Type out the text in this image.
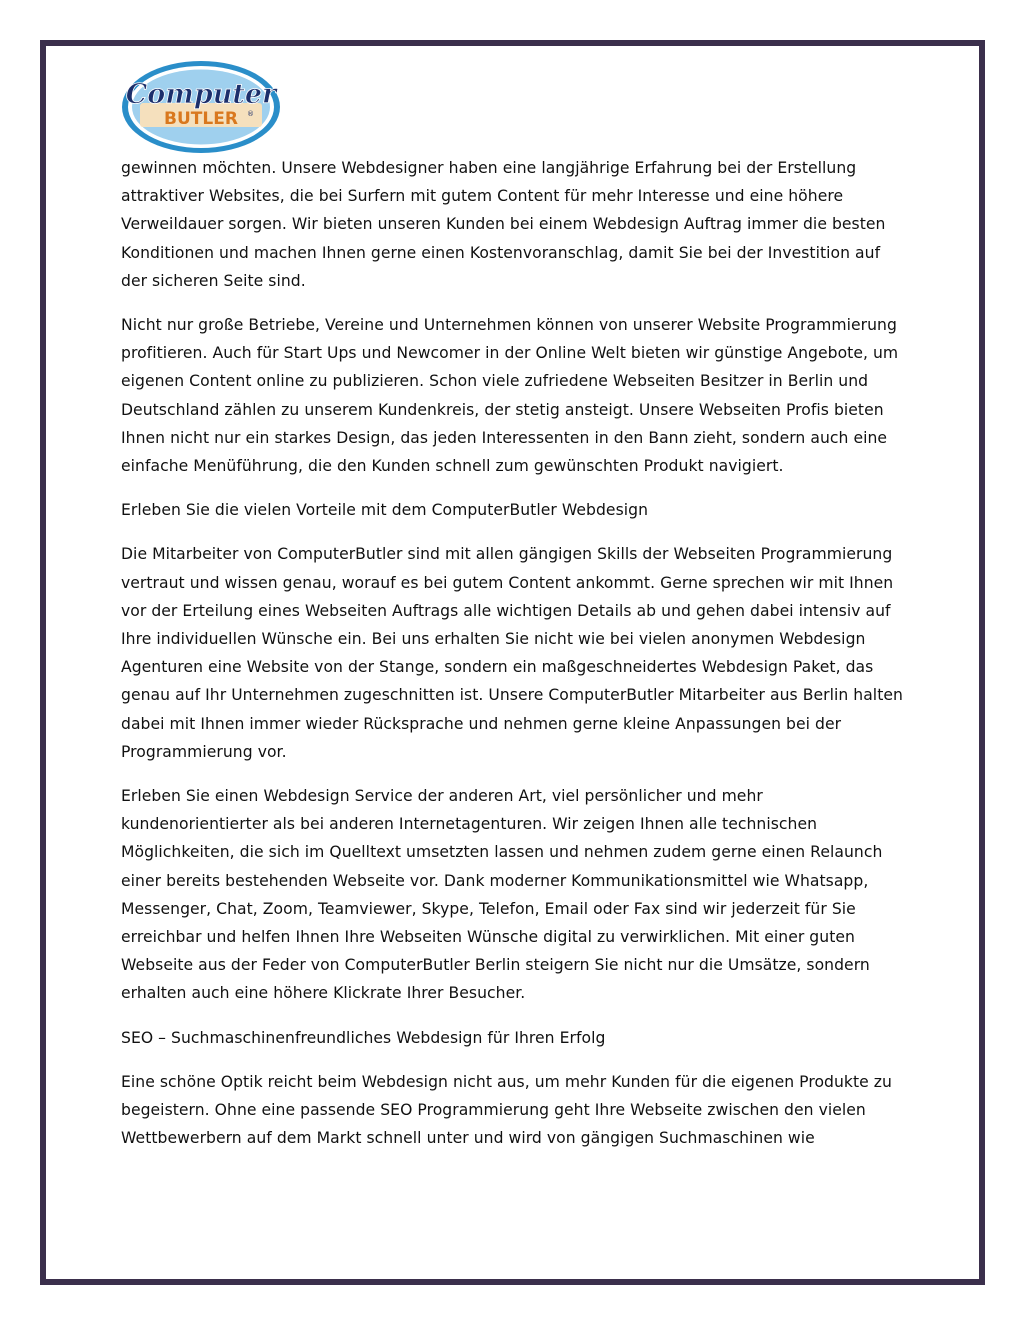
Computer
BUTLER ®

gewinnen möchten. Unsere Webdesigner haben eine langjährige Erfahrung bei der Erstellung attraktiver Websites, die bei Surfern mit gutem Content für mehr Interesse und eine höhere Verweildauer sorgen. Wir bieten unseren Kunden bei einem Webdesign Auftrag immer die besten Konditionen und machen Ihnen gerne einen Kostenvoranschlag, damit Sie bei der Investition auf der sicheren Seite sind.

Nicht nur große Betriebe, Vereine und Unternehmen können von unserer Website Programmierung profitieren. Auch für Start Ups und Newcomer in der Online Welt bieten wir günstige Angebote, um eigenen Content online zu publizieren. Schon viele zufriedene Webseiten Besitzer in Berlin und Deutschland zählen zu unserem Kundenkreis, der stetig ansteigt. Unsere Webseiten Profis bieten Ihnen nicht nur ein starkes Design, das jeden Interessenten in den Bann zieht, sondern auch eine einfache Menüführung, die den Kunden schnell zum gewünschten Produkt navigiert.

Erleben Sie die vielen Vorteile mit dem ComputerButler Webdesign

Die Mitarbeiter von ComputerButler sind mit allen gängigen Skills der Webseiten Programmierung vertraut und wissen genau, worauf es bei gutem Content ankommt. Gerne sprechen wir mit Ihnen vor der Erteilung eines Webseiten Auftrags alle wichtigen Details ab und gehen dabei intensiv auf Ihre individuellen Wünsche ein. Bei uns erhalten Sie nicht wie bei vielen anonymen Webdesign Agenturen eine Website von der Stange, sondern ein maßgeschneidertes Webdesign Paket, das genau auf Ihr Unternehmen zugeschnitten ist. Unsere ComputerButler Mitarbeiter aus Berlin halten dabei mit Ihnen immer wieder Rücksprache und nehmen gerne kleine Anpassungen bei der Programmierung vor.

Erleben Sie einen Webdesign Service der anderen Art, viel persönlicher und mehr kundenorientierter als bei anderen Internetagenturen. Wir zeigen Ihnen alle technischen Möglichkeiten, die sich im Quelltext umsetzten lassen und nehmen zudem gerne einen Relaunch einer bereits bestehenden Webseite vor. Dank moderner Kommunikationsmittel wie Whatsapp, Messenger, Chat, Zoom, Teamviewer, Skype, Telefon, Email oder Fax sind wir jederzeit für Sie erreichbar und helfen Ihnen Ihre Webseiten Wünsche digital zu verwirklichen. Mit einer guten Webseite aus der Feder von ComputerButler Berlin steigern Sie nicht nur die Umsätze, sondern erhalten auch eine höhere Klickrate Ihrer Besucher.

SEO – Suchmaschinenfreundliches Webdesign für Ihren Erfolg

Eine schöne Optik reicht beim Webdesign nicht aus, um mehr Kunden für die eigenen Produkte zu begeistern. Ohne eine passende SEO Programmierung geht Ihre Webseite zwischen den vielen Wettbewerbern auf dem Markt schnell unter und wird von gängigen Suchmaschinen wie
